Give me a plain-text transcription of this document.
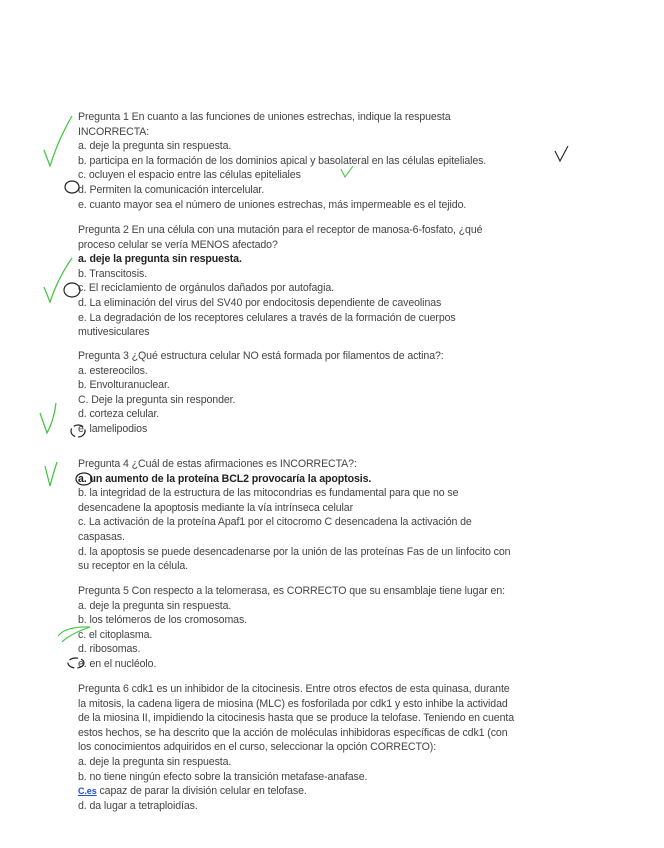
Pregunta 1 En cuanto a las funciones de uniones estrechas, indique la respuesta
INCORRECTA:
a. deje la pregunta sin respuesta.
b. participa en la formación de los dominios apical y basolateral en las células epiteliales.
c. ocluyen el espacio entre las células epiteliales
d. Permiten la comunicación intercelular.
e. cuanto mayor sea el número de uniones estrechas, más impermeable es el tejido.
Pregunta 2 En una célula con una mutación para el receptor de manosa-6-fosfato, ¿qué
proceso celular se vería MENOS afectado?
a. deje la pregunta sin respuesta.
b. Transcitosis.
c. El reciclamiento de orgánulos dañados por autofagia.
d. La eliminación del virus del SV40 por endocitosis dependiente de caveolinas
e. La degradación de los receptores celulares a través de la formación de cuerpos
mutivesiculares
Pregunta 3 ¿Qué estructura celular NO está formada por filamentos de actina?:
a. estereocilos.
b. Envolturanuclear.
C. Deje la pregunta sin responder.
d. corteza celular.
e. lamelipodios
Pregunta 4 ¿Cuál de estas afirmaciones es INCORRECTA?:
a. un aumento de la proteína BCL2 provocaría la apoptosis.
b. la integridad de la estructura de las mitocondrias es fundamental para que no se
desencadene la apoptosis mediante la vía intrínseca celular
c. La activación de la proteína Apaf1 por el citocromo C desencadena la activación de
caspasas.
d. la apoptosis se puede desencadenarse por la unión de las proteínas Fas de un linfocito con
su receptor en la célula.
Pregunta 5 Con respecto a la telomerasa, es CORRECTO que su ensamblaje tiene lugar en:
a. deje la pregunta sin respuesta.
b. los telómeros de los cromosomas.
c. el citoplasma.
d. ribosomas.
e. en el nucléolo.
Pregunta 6 cdk1 es un inhibidor de la citocinesis. Entre otros efectos de esta quinasa, durante
la mitosis, la cadena ligera de miosina (MLC) es fosforilada por cdk1 y esto inhibe la actividad
de la miosina II, impidiendo la citocinesis hasta que se produce la telofase. Teniendo en cuenta
estos hechos, se ha descrito que la acción de moléculas inhibidoras específicas de cdk1 (con
los conocimientos adquiridos en el curso, seleccionar la opción CORRECTO):
a. deje la pregunta sin respuesta.
b. no tiene ningún efecto sobre la transición metafase-anafase.
C.es capaz de parar la división celular en telofase.
d. da lugar a tetraploidías.
